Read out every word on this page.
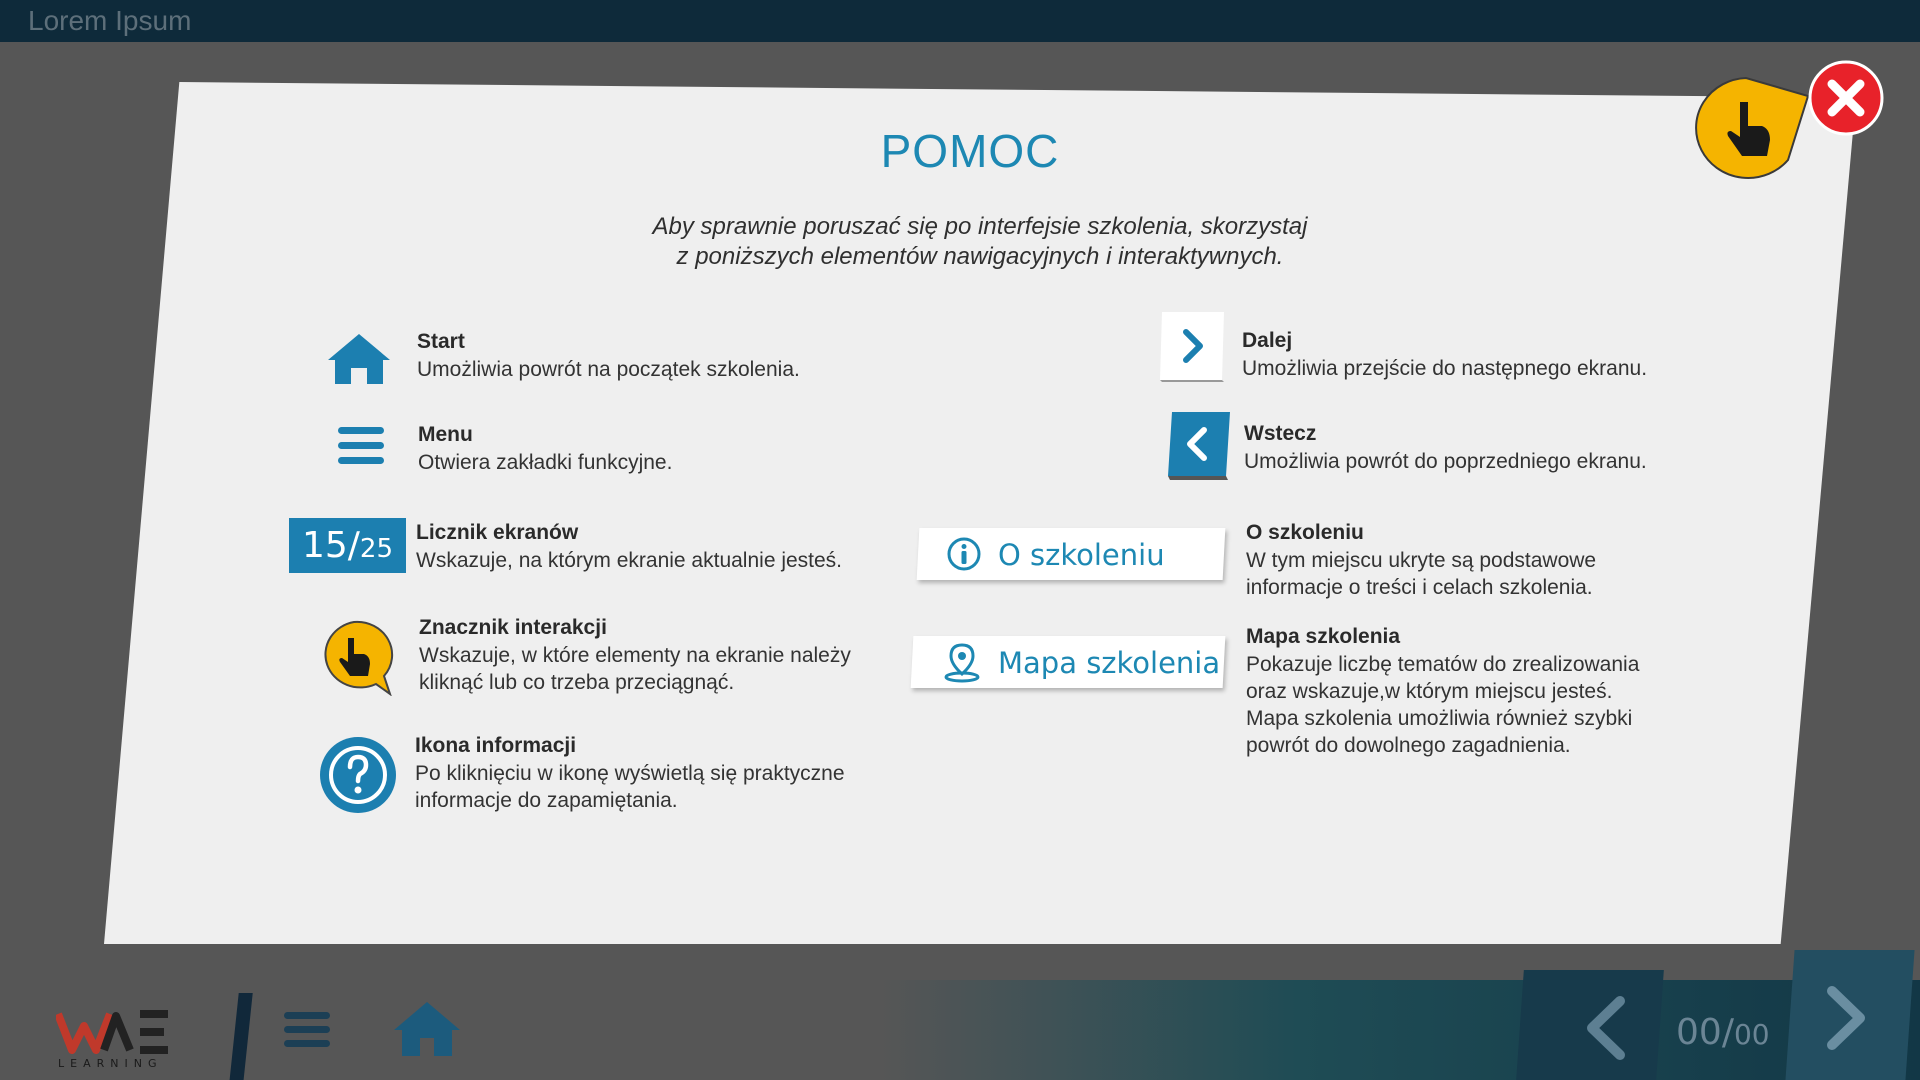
Lorem Ipsum
LEARNING
00/00
POMOC
Aby sprawnie poruszać się po interfejsie szkolenia, skorzystaj
z poniższych elementów nawigacyjnych i interaktywnych.
Start
Umożliwia powrót na początek szkolenia.
Menu
Otwiera zakładki funkcyjne.
15/25
Licznik ekranów
Wskazuje, na którym ekranie aktualnie jesteś.
Znacznik interakcji
Wskazuje, w które elementy na ekranie należy
kliknąć lub co trzeba przeciągnąć.
Ikona informacji
Po kliknięciu w ikonę wyświetlą się praktyczne
informacje do zapamiętania.
Dalej
Umożliwia przejście do następnego ekranu.
Wstecz
Umożliwia powrót do poprzedniego ekranu.
O szkoleniu
O szkoleniu
W tym miejscu ukryte są podstawowe
informacje o treści i celach szkolenia.
Mapa szkolenia
Mapa szkolenia
Pokazuje liczbę tematów do zrealizowania
oraz wskazuje,w którym miejscu jesteś.
Mapa szkolenia umożliwia również szybki
powrót do dowolnego zagadnienia.
